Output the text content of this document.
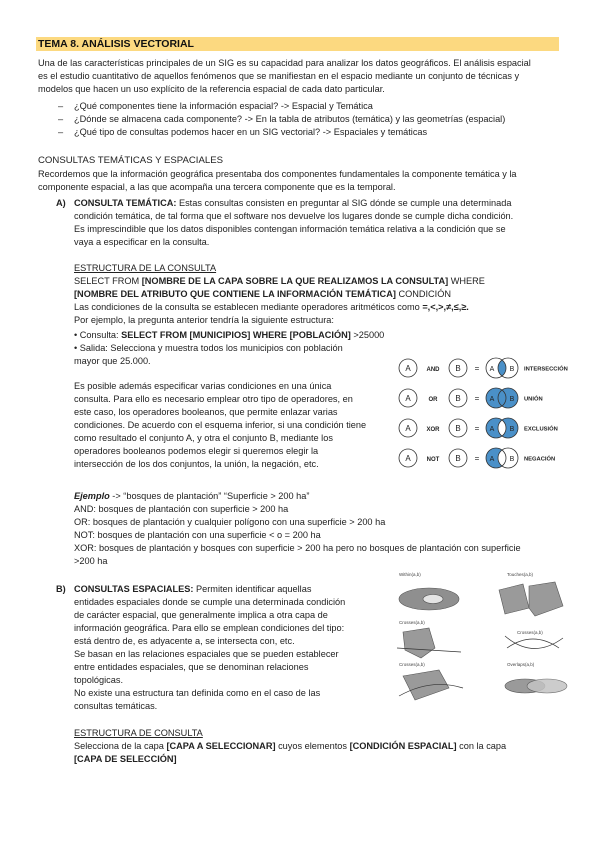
TEMA 8. ANÁLISIS VECTORIAL
Una de las características principales de un SIG es su capacidad para analizar los datos geográficos. El análisis espacial
es el estudio cuantitativo de aquellos fenómenos que se manifiestan en el espacio mediante un conjunto de técnicas y
modelos que hacen un uso explícito de la referencia espacial de cada dato particular.
– ¿Qué componentes tiene la información espacial? -> Espacial y Temática
– ¿Dónde se almacena cada componente? -> En la tabla de atributos (temática) y las geometrías (espacial)
– ¿Qué tipo de consultas podemos hacer en un SIG vectorial? -> Espaciales y temáticas
CONSULTAS TEMÁTICAS Y ESPACIALES
Recordemos que la información geográfica presentaba dos componentes fundamentales la componente temática y la
componente espacial, a las que acompaña una tercera componente que es la temporal.
A) CONSULTA TEMÁTICA: Estas consultas consisten en preguntar al SIG dónde se cumple una determinada
condición temática, de tal forma que el software nos devuelve los lugares donde se cumple dicha condición.
Es imprescindible que los datos disponibles contengan información temática relativa a la condición que se
vaya a especificar en la consulta.
ESTRUCTURA DE LA CONSULTA
SELECT FROM [NOMBRE DE LA CAPA SOBRE LA QUE REALIZAMOS LA CONSULTA] WHERE
[NOMBRE DEL ATRIBUTO QUE CONTIENE LA INFORMACIÓN TEMÁTICA] CONDICIÓN
Las condiciones de la consulta se establecen mediante operadores aritméticos como =,<,>,≠,≤,≥.
Por ejemplo, la pregunta anterior tendría la siguiente estructura:
• Consulta: SELECT FROM [MUNICIPIOS] WHERE [POBLACIÓN] >25000
• Salida: Selecciona y muestra todos los municipios con población
mayor que 25.000.
Es posible además especificar varias condiciones en una única
consulta. Para ello es necesario emplear otro tipo de operadores, en
este caso, los operadores booleanos, que permite enlazar varias
condiciones. De acuerdo con el esquema inferior, si una condición tiene
como resultado el conjunto A, y otra el conjunto B, mediante los
operadores booleanos podemos elegir si queremos elegir la
intersección de los dos conjuntos, la unión, la negación, etc.
A	B
AND	= A B INTERSECCIÓN
A	B
OR	= A B UNIÓN
A	B
XOR	= A B EXCLUSIÓN
A	B
NOT	= A B NEGACIÓN
Ejemplo -> “bosques de plantación” “Superficie > 200 ha”
AND: bosques de plantación con superficie > 200 ha
OR: bosques de plantación y cualquier polígono con una superficie > 200 ha
NOT: bosques de plantación con una superficie < o = 200 ha
XOR: bosques de plantación y bosques con superficie > 200 ha pero no bosques de plantación con superficie
>200 ha
B) CONSULTAS ESPACIALES: Permiten identificar aquellas
entidades espaciales donde se cumple una determinada condición
de carácter espacial, que generalmente implica a otra capa de
información geográfica. Para ello se emplean condiciones del tipo:
está dentro de, es adyacente a, se intersecta con, etc.
Se basan en las relaciones espaciales que se pueden establecer
entre entidades espaciales, que se denominan relaciones
topológicas.
No existe una estructura tan definida como en el caso de las
consultas temáticas.
Within(a,b)	Touches(a,b)
Crosses(a,b)
Crosses(a,b)
Crosses(a,b)	Overlaps(a,b)
ESTRUCTURA DE CONSULTA
Selecciona de la capa [CAPA A SELECCIONAR] cuyos elementos [CONDICIÓN ESPACIAL] con la capa
[CAPA DE SELECCIÓN]
